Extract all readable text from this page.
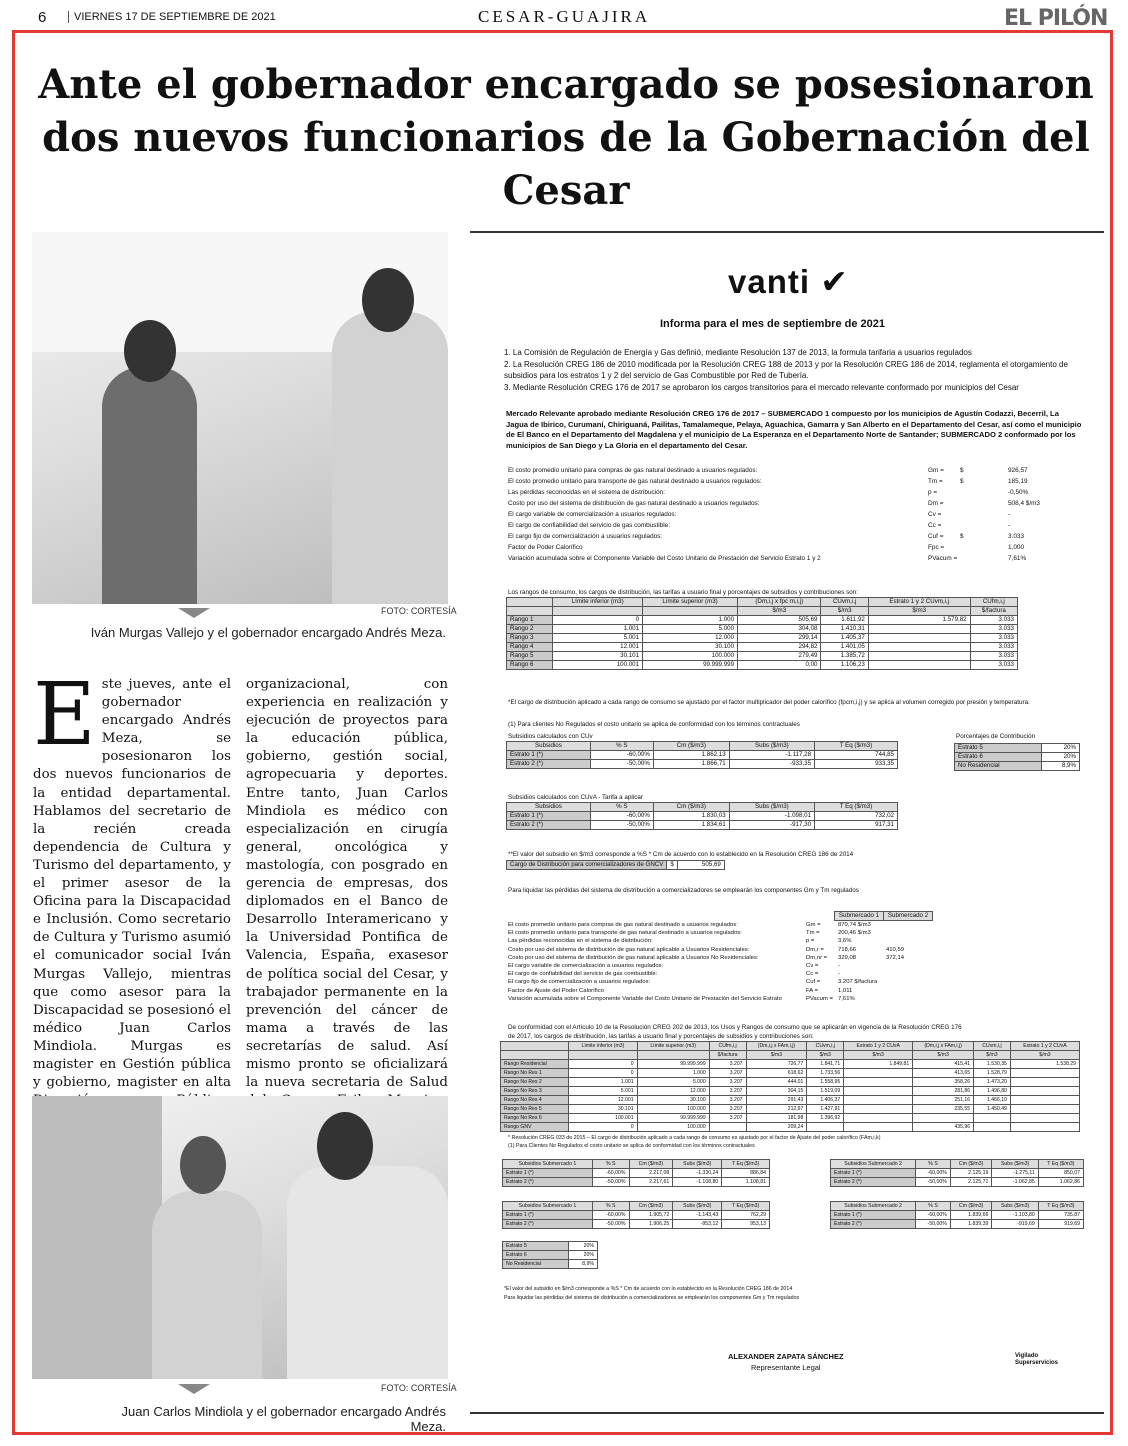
6	VIERNES 17 DE SEPTIEMBRE DE 2021	CESAR-GUAJIRA	EL PILÓN
Ante el gobernador encargado se posesionaron dos nuevos funcionarios de la Gobernación del Cesar
FOTO: CORTESÍA
Iván Murgas Vallejo y el gobernador encargado Andrés Meza.
Este jueves, ante el gobernador encargado Andrés Meza, se posesionaron los dos nuevos funcionarios de la entidad departamental. Hablamos del secretario de la recién creada dependencia de Cultura y Turismo del departamento, y el primer asesor de la Oficina para la Discapacidad e Inclusión. Como secretario de Cultura y Turismo asumió el comunicador social Iván Murgas Vallejo, mientras que como asesor para la Discapacidad se posesionó el médico Juan Carlos Mindiola. Murgas es magister en Gestión pública y gobierno, magister en alta
organizacional, con experiencia en realización y ejecución de proyectos para la educación pública, gobierno, gestión social, agropecuaria y deportes. Entre tanto, Juan Carlos Mindiola es médico con especialización en cirugía general, oncológica y mastología, con posgrado en gerencia de empresas, dos diplomados en el Banco de Desarrollo Interamericano y la Universidad Pontifica de Valencia, España, exasesor de política social del Cesar, y trabajador permanente en la prevención del cáncer de mama a través de las secretarías de salud. Así mismo pronto se oficializará la nueva secretaria de Salud
FOTO: CORTESÍA
Juan Carlos Mindiola y el gobernador encargado Andrés Meza.
vanti ✔
Informa para el mes de septiembre de 2021
1. La Comisión de Regulación de Energía y Gas definió, mediante Resolución 137 de 2013, la formula tarifaria a usuarios regulados
2. La Resolución CREG 186 de 2010 modificada por la Resolución CREG 188 de 2013 y por la Resolución CREG 186 de 2014, reglamenta el otorgamiento de subsidios para los estratos 1 y 2 del servicio de Gas Combustible por Red de Tubería.
3. Mediante Resolución CREG 176 de 2017 se aprobaron los cargos transitorios para el mercado relevante conformado por municipios del Cesar
Mercado Relevante aprobado mediante Resolución CREG 176 de 2017 – SUBMERCADO 1 compuesto por los municipios de Agustín Codazzi, Becerril, La Jagua de Ibirico, Curumaní, Chiriguaná, Pailitas, Tamalameque, Pelaya, Aguachica, Gamarra y San Alberto en el Departamento del Cesar, así como el municipio de El Banco en el Departamento del Magdalena y el municipio de La Esperanza en el Departamento Norte de Santander; SUBMERCADO 2 conformado por los municipios de San Diego y La Gloria en el departamento del Cesar.
El costo promedio unitario para compras de gas natural destinado a usuarios regulados:	Gm =	$	926,57
El costo promedio unitario para transporte de gas natural destinado a usuarios regulados:	Tm =	$	185,19
Las pérdidas reconocidas en el sistema de distribución:	p =	-0,50%
Costo por uso del sistema de distribución de gas natural destinado a usuarios regulados:	Dm =	508,4 $/m3
El cargo variable de comercialización a usuarios regulados:	Cv =	-
El cargo de confiabilidad del servicio de gas combustible:	Cc =	-
El cargo fijo de comercialización a usuarios regulados:	Cuf =	$	3.033
Factor de Poder Calorífico	Fpc =	1,000
Variación acumulada sobre el Componente Variable del Costo Unitario de Prestación del Servicio Estrato 1 y 2	PVacum =	7,61%
Los rangos de consumo, los cargos de distribución, las tarifas a usuario final y porcentajes de subsidios y contribuciones son:
	Límite inferior (m3)	Límite superior (m3)	(Dm,i,j x fpc m,i,j)	CUvm,i,j	Estrato 1 y 2 CUvm,i,j	CUfm,i,j
			$/m3	$/m3	$/m3	$/factura
Rango 1	0	1.000	505,69	1.611,92	1.579,82	3.033
Rango 2	1.001	5.000	304,08	1.410,31		3.033
Rango 3	5.001	12.000	299,14	1.405,37		3.033
Rango 4	12.001	30.100	294,82	1.401,05		3.033
Rango 5	30.101	100.000	279,49	1.385,72		3.033
Rango 6	100.001	99.999.999	0,00	1.106,23		3.033
*El cargo de distribución aplicado a cada rango de consumo se ajustado por el factor multiplicador del poder calorífico (fpcm,i,j) y se aplica al volumen corregido por presión y temperatura.
(1) Para clientes No Regulados el costo unitario se aplica de conformidad con los términos contractuales
Subsidios calculados con CUv
Subsidios	% S	Cm ($/m3)	Subs ($/m3)	T Eq ($/m3)
Estrato 1 (*)	-60,00%	1.862,13	-1.117,28	744,85
Estrato 2 (*)	-50,00%	1.866,71	-933,35	933,35
Porcentajes de Contribución
Estrato 5	20%
Estrato 6	20%
No Residencial	8,9%
Subsidios calculados con CUvA - Tarifa a aplicar
Subsidios	% S	Cm ($/m3)	Subs ($/m3)	T Eq ($/m3)
Estrato 1 (*)	-60,00%	1.830,03	-1.098,01	732,02
Estrato 2 (*)	-50,00%	1.834,61	-917,30	917,31
**El valor del subsidio en $/m3 corresponde a %S * Cm de acuerdo con lo establecido en la Resolución CREG 186 de 2014
Cargo de Distribución para comercializadores de GNCV	$	505,69
Para liquidar las pérdidas del sistema de distribución a comercializadores se emplearán los componentes Gm y Tm regulados
Submercado 1	Submercado 2
El costo promedio unitario para compras de gas natural destinado a usuarios regulados:	Gm =	870,74 $/m3
El costo promedio unitario para transporte de gas natural destinado a usuarios regulados:	Tm =	200,46 $/m3
Las pérdidas reconocidas en el sistema de distribución:	p =	3,6%
Costo por uso del sistema de distribución de gas natural aplicable a Usuarios Residenciales:	Dm,r = 718,66	410,59
Costo por uso del sistema de distribución de gas natural aplicable a Usuarios No Residenciales:	Dm,nr = 329,08	372,14
El cargo variable de comercialización a usuarios regulados:	Cv =	-
El cargo de confiabilidad del servicio de gas combustible:	Cc =	-
El cargo fijo de comercialización a usuarios regulados:	Cuf =	3.207 $/factura
Factor de Ajuste del Poder Calorífico	FA =	1,011
Variación acumulada sobre el Componente Variable del Costo Unitario de Prestación del Servicio Estrato	PVacum = 7,61%
De conformidad con el Artículo 10 de la Resolución CREG 202 de 2013, los Usos y Rangos de consumo que se aplicarán en vigencia de la Resolución CREG 176 de 2017, los cargos de distribución, las tarifas a usuario final y porcentajes de subsidios y contribuciones son:
	Límite inferior (m3)	Límite superior (m3)	CUfm,i,j	(Dm,i,j x FAm,i,j)	CUvm,i,j	Estrato 1 y 2 CUvA	(Dm,i,j x FAm,i,j)	CUvm,i,j	Estrato 1 y 2 CUvA
			$/factura	$/m3	$/m3	$/m3	$/m3	$/m3	$/m3
Rango Residencial	0	99.999.999	3.207	726,77	1.841,71	1.849,81	415,41	1.530,35	1.538,29
Rango No Res 1	0	1.000	3.207	618,62	1.733,56		413,65	1.528,79	
Rango No Res 2	1.001	5.000	3.207	444,01	1.558,95		358,26	1.473,20	
Rango No Res 3	5.001	12.000	3.207	304,15	1.519,09		281,86	1.496,80	
Rango No Res 4	12.001	30.100	3.207	291,43	1.406,37		251,16	1.466,10	
Rango No Res 5	30.101	100.000	3.207	212,97	1.427,91		235,55	1.450,49	
Rango No Res 6	100.001	99.999.999	3.207	181,98	1.396,92				
Rango GNV	0	100.000		209,24			435,96		
* Resolución CREG 033 de 2015 – El cargo de distribución aplicado a cada rango de consumo es ajustado por el factor de Ajuste del poder calorífico (FAm,i,k)
(1) Para Clientes No Regulados el costo unitario se aplica de conformidad con los términos contractuales
Subsidios Submercado 1	% S	Cm ($/m3)	Subs ($/m3)	T Eq ($/m3)
Estrato 1 (*)	-60,00%	2.217,08	-1.330,24	886,84
Estrato 2 (*)	-50,00%	2.217,61	-1.108,80	1.108,81
Subsidios Submercado 2	% S	Cm ($/m3)	Subs ($/m3)	T Eq ($/m3)
Estrato 1 (*)	-60,00%	2.125,19	-1.275,11	850,07
Estrato 2 (*)	-50,00%	2.125,71	-1.062,85	1.062,86
Subsidios Submercado 1	% S	Cm ($/m3)	Subs ($/m3)	T Eq ($/m3)
Estrato 1 (*)	-60,00%	1.905,72	-1.143,43	762,29
Estrato 2 (*)	-50,00%	1.906,25	-953,12	953,13
Subsidios Submercado 2	% S	Cm ($/m3)	Subs ($/m3)	T Eq ($/m3)
Estrato 1 (*)	-60,00%	1.839,66	-1.103,80	735,87
Estrato 2 (*)	-50,00%	1.839,39	-919,69	919,69
Estrato 5	20%
Estrato 6	20%
No Residencial	8,9%
*El valor del subsidio en $/m3 corresponde a %S * Cm de acuerdo con lo establecido en la Resolución CREG 186 de 2014
Para liquidar las pérdidas del sistema de distribución a comercializadores se emplearán los componentes Gm y Tm regulados
ALEXANDER ZAPATA SÁNCHEZ
Representante Legal
Vigilado
Superservicios
